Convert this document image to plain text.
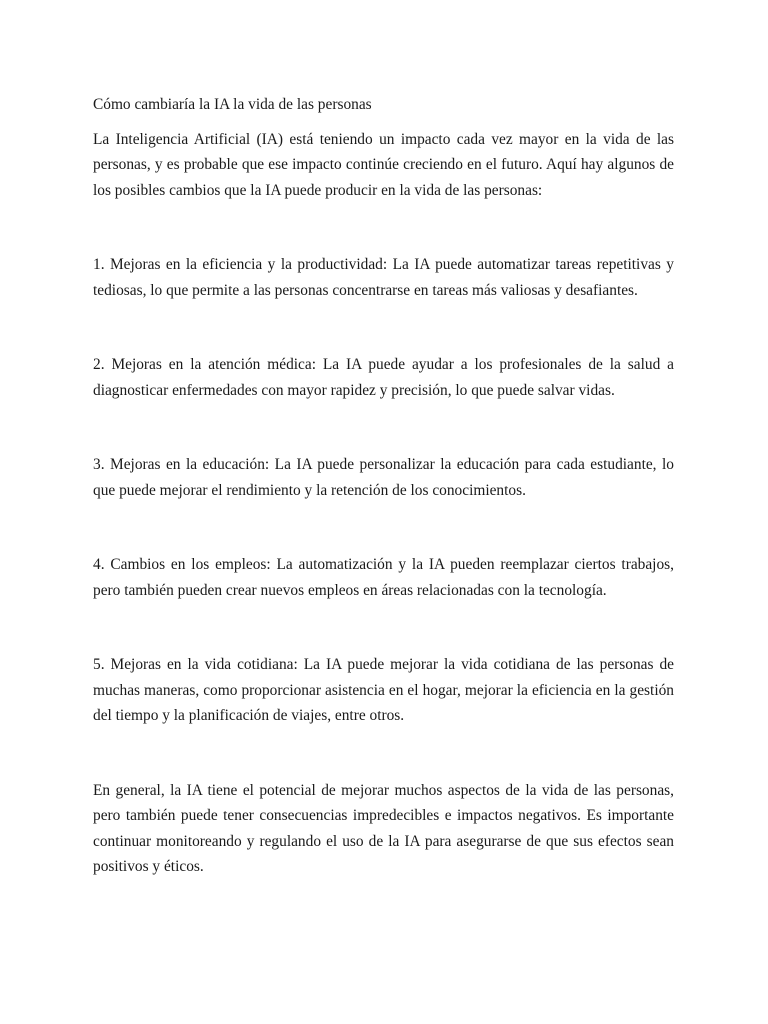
Cómo cambiaría la IA la vida de las personas

La Inteligencia Artificial (IA) está teniendo un impacto cada vez mayor en la vida de las personas, y es probable que ese impacto continúe creciendo en el futuro. Aquí hay algunos de los posibles cambios que la IA puede producir en la vida de las personas:

1. Mejoras en la eficiencia y la productividad: La IA puede automatizar tareas repetitivas y tediosas, lo que permite a las personas concentrarse en tareas más valiosas y desafiantes.

2. Mejoras en la atención médica: La IA puede ayudar a los profesionales de la salud a diagnosticar enfermedades con mayor rapidez y precisión, lo que puede salvar vidas.

3. Mejoras en la educación: La IA puede personalizar la educación para cada estudiante, lo que puede mejorar el rendimiento y la retención de los conocimientos.

4. Cambios en los empleos: La automatización y la IA pueden reemplazar ciertos trabajos, pero también pueden crear nuevos empleos en áreas relacionadas con la tecnología.

5. Mejoras en la vida cotidiana: La IA puede mejorar la vida cotidiana de las personas de muchas maneras, como proporcionar asistencia en el hogar, mejorar la eficiencia en la gestión del tiempo y la planificación de viajes, entre otros.

En general, la IA tiene el potencial de mejorar muchos aspectos de la vida de las personas, pero también puede tener consecuencias impredecibles e impactos negativos. Es importante continuar monitoreando y regulando el uso de la IA para asegurarse de que sus efectos sean positivos y éticos.
